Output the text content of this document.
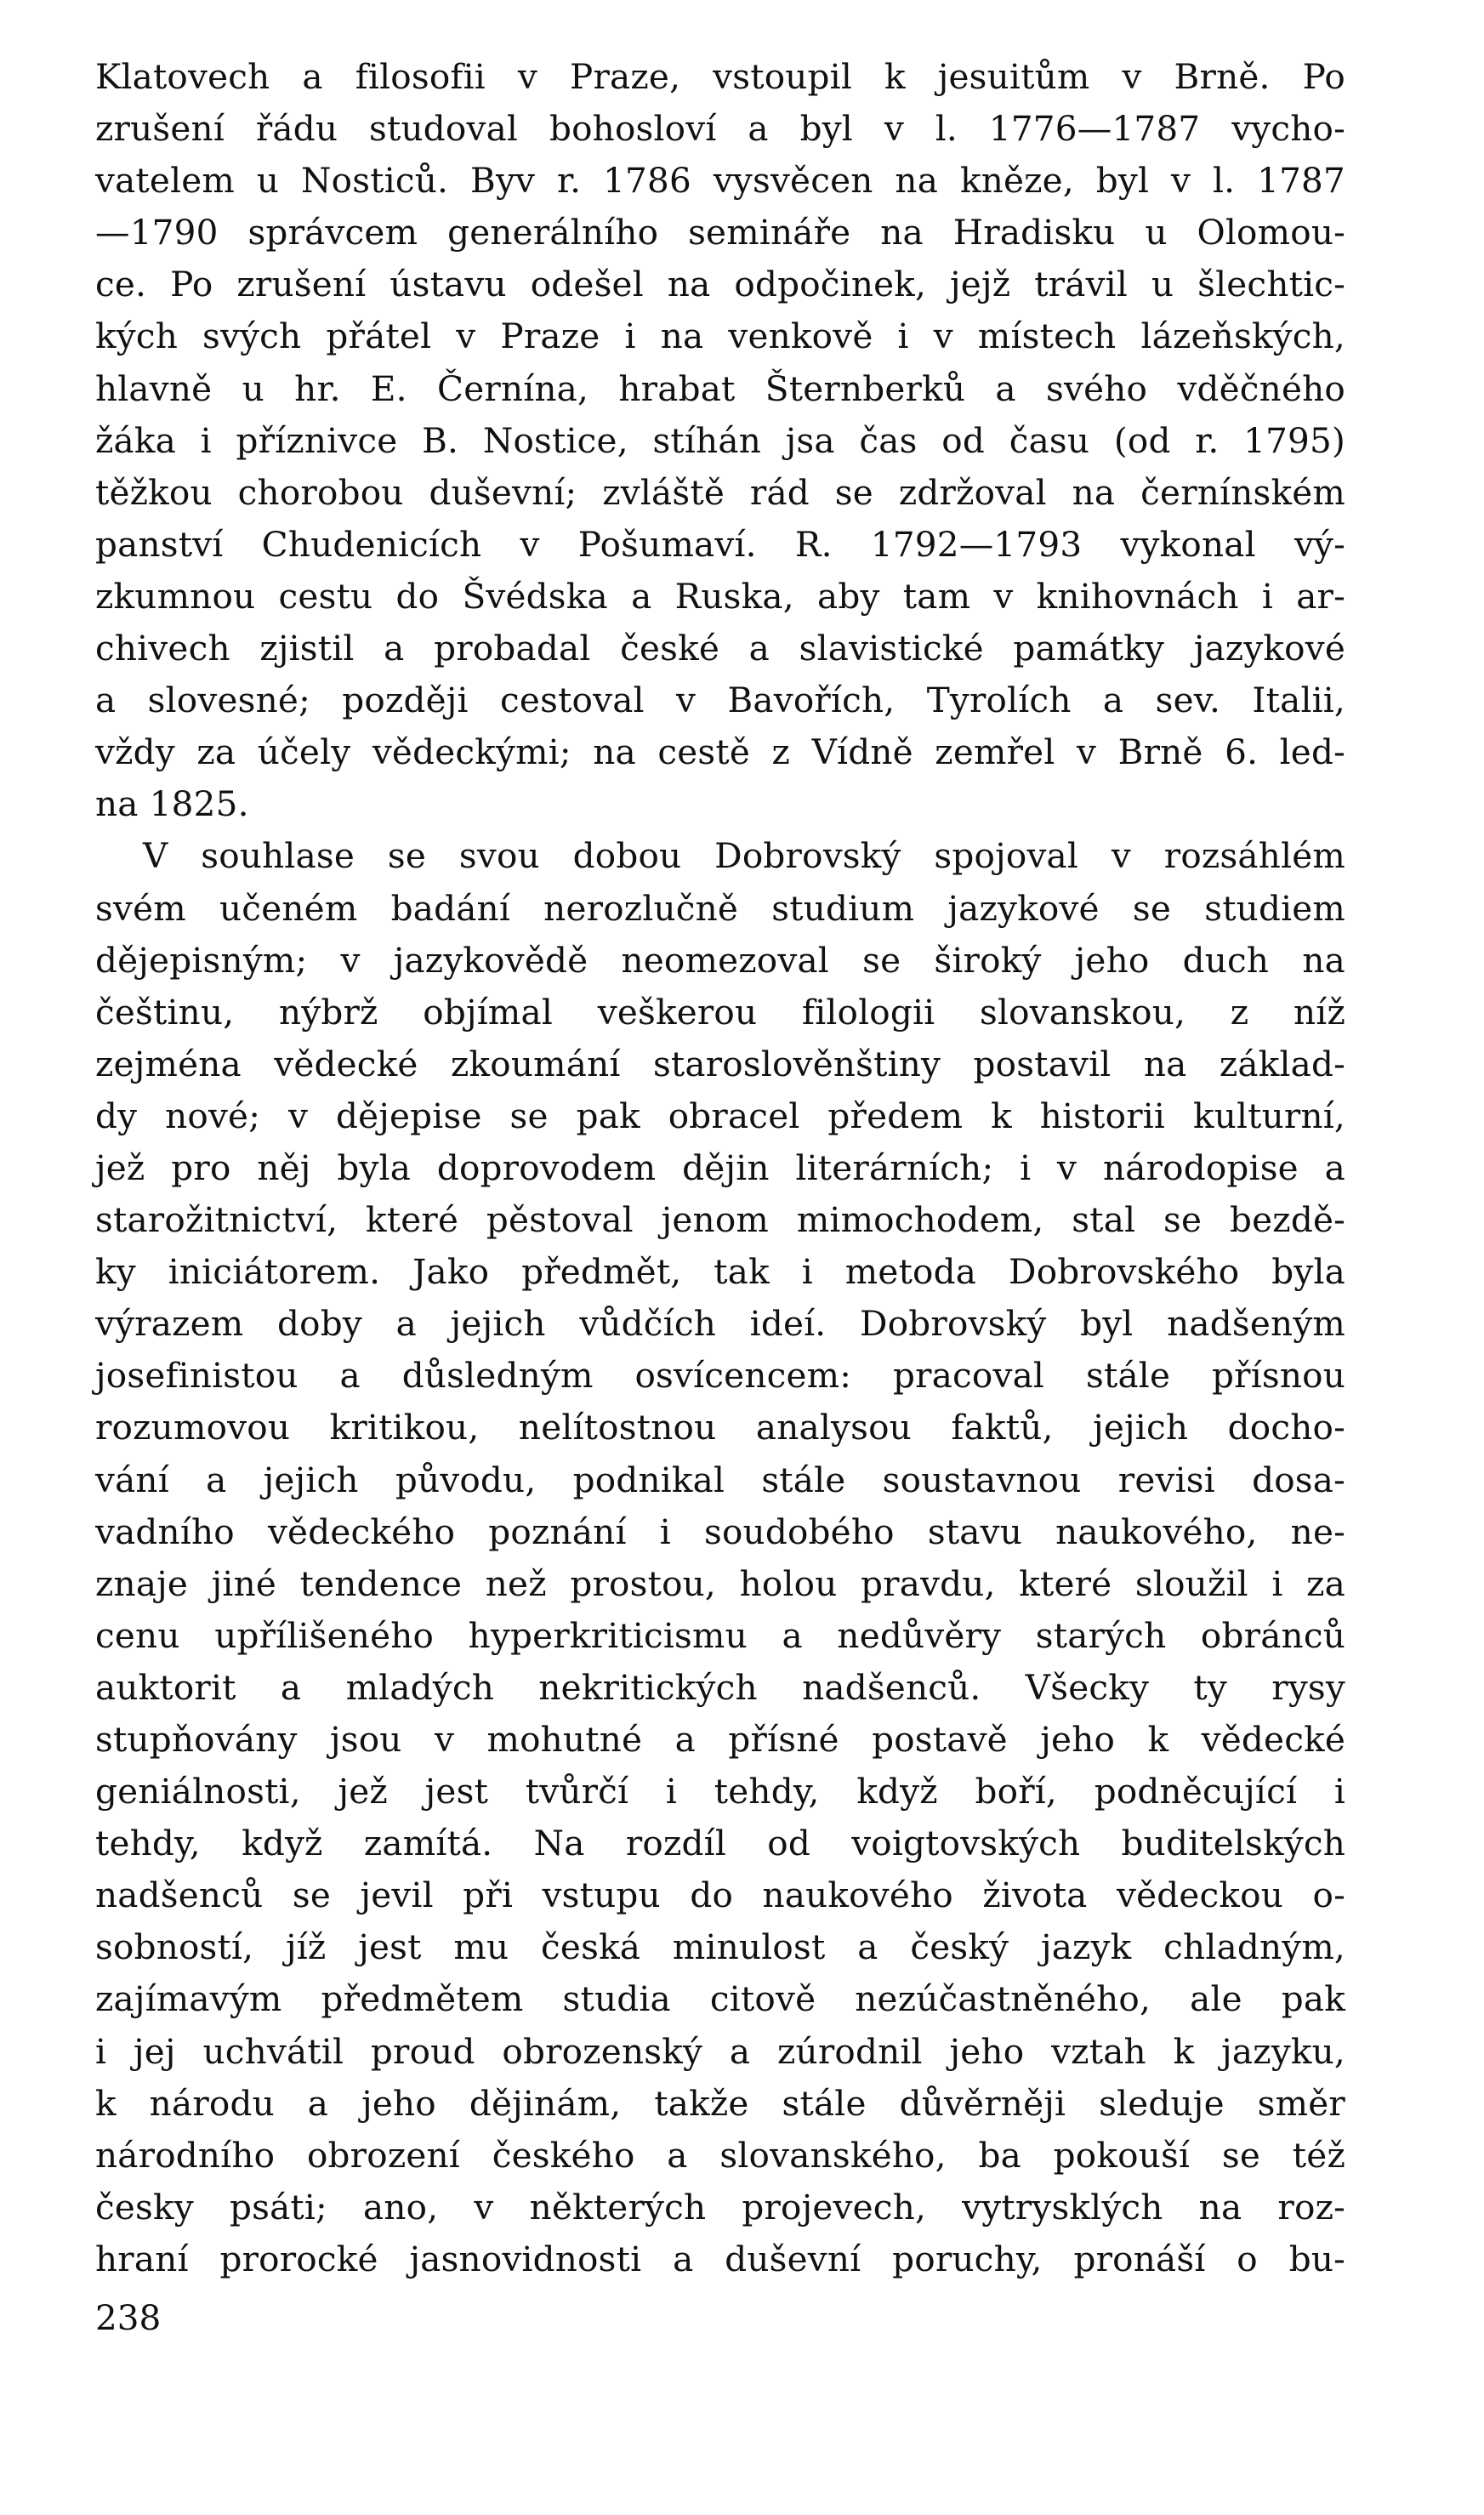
Klatovech a filosofii v Praze, vstoupil k jesuitům v Brně. Po
zrušení řádu studoval bohosloví a byl v l. 1776—1787 vycho-
vatelem u Nosticů. Byv r. 1786 vysvěcen na kněze, byl v l. 1787
—1790 správcem generálního semináře na Hradisku u Olomou-
ce. Po zrušení ústavu odešel na odpočinek, jejž trávil u šlechtic-
kých svých přátel v Praze i na venkově i v místech lázeňských,
hlavně u hr. E. Černína, hrabat Šternberků a svého vděčného
žáka i příznivce B. Nostice, stíhán jsa čas od času (od r. 1795)
těžkou chorobou duševní; zvláště rád se zdržoval na černínském
panství Chudenicích v Pošumaví. R. 1792—1793 vykonal vý-
zkumnou cestu do Švédska a Ruska, aby tam v knihovnách i ar-
chivech zjistil a probadal české a slavistické památky jazykové
a slovesné; později cestoval v Bavořích, Tyrolích a sev. Italii,
vždy za účely vědeckými; na cestě z Vídně zemřel v Brně 6. led-
na 1825.
V souhlase se svou dobou Dobrovský spojoval v rozsáhlém
svém učeném badání nerozlučně studium jazykové se studiem
dějepisným; v jazykovědě neomezoval se široký jeho duch na
češtinu, nýbrž objímal veškerou filologii slovanskou, z níž
zejména vědecké zkoumání staroslověnštiny postavil na základ-
dy nové; v dějepise se pak obracel předem k historii kulturní,
jež pro něj byla doprovodem dějin literárních; i v národopise a
starožitnictví, které pěstoval jenom mimochodem, stal se bezdě-
ky iniciátorem. Jako předmět, tak i metoda Dobrovského byla
výrazem doby a jejich vůdčích ideí. Dobrovský byl nadšeným
josefinistou a důsledným osvícencem: pracoval stále přísnou
rozumovou kritikou, nelítostnou analysou faktů, jejich docho-
vání a jejich původu, podnikal stále soustavnou revisi dosa-
vadního vědeckého poznání i soudobého stavu naukového, ne-
znaje jiné tendence než prostou, holou pravdu, které sloužil i za
cenu upřílišeného hyperkriticismu a nedůvěry starých obránců
auktorit a mladých nekritických nadšenců. Všecky ty rysy
stupňovány jsou v mohutné a přísné postavě jeho k vědecké
geniálnosti, jež jest tvůrčí i tehdy, když boří, podněcující i
tehdy, když zamítá. Na rozdíl od voigtovských buditelských
nadšenců se jevil při vstupu do naukového života vědeckou o-
sobností, jíž jest mu česká minulost a český jazyk chladným,
zajímavým předmětem studia citově nezúčastněného, ale pak
i jej uchvátil proud obrozenský a zúrodnil jeho vztah k jazyku,
k národu a jeho dějinám, takže stále důvěrněji sleduje směr
národního obrození českého a slovanského, ba pokouší se též
česky psáti; ano, v některých projevech, vytrysklých na roz-
hraní prorocké jasnovidnosti a duševní poruchy, pronáší o bu-
238
